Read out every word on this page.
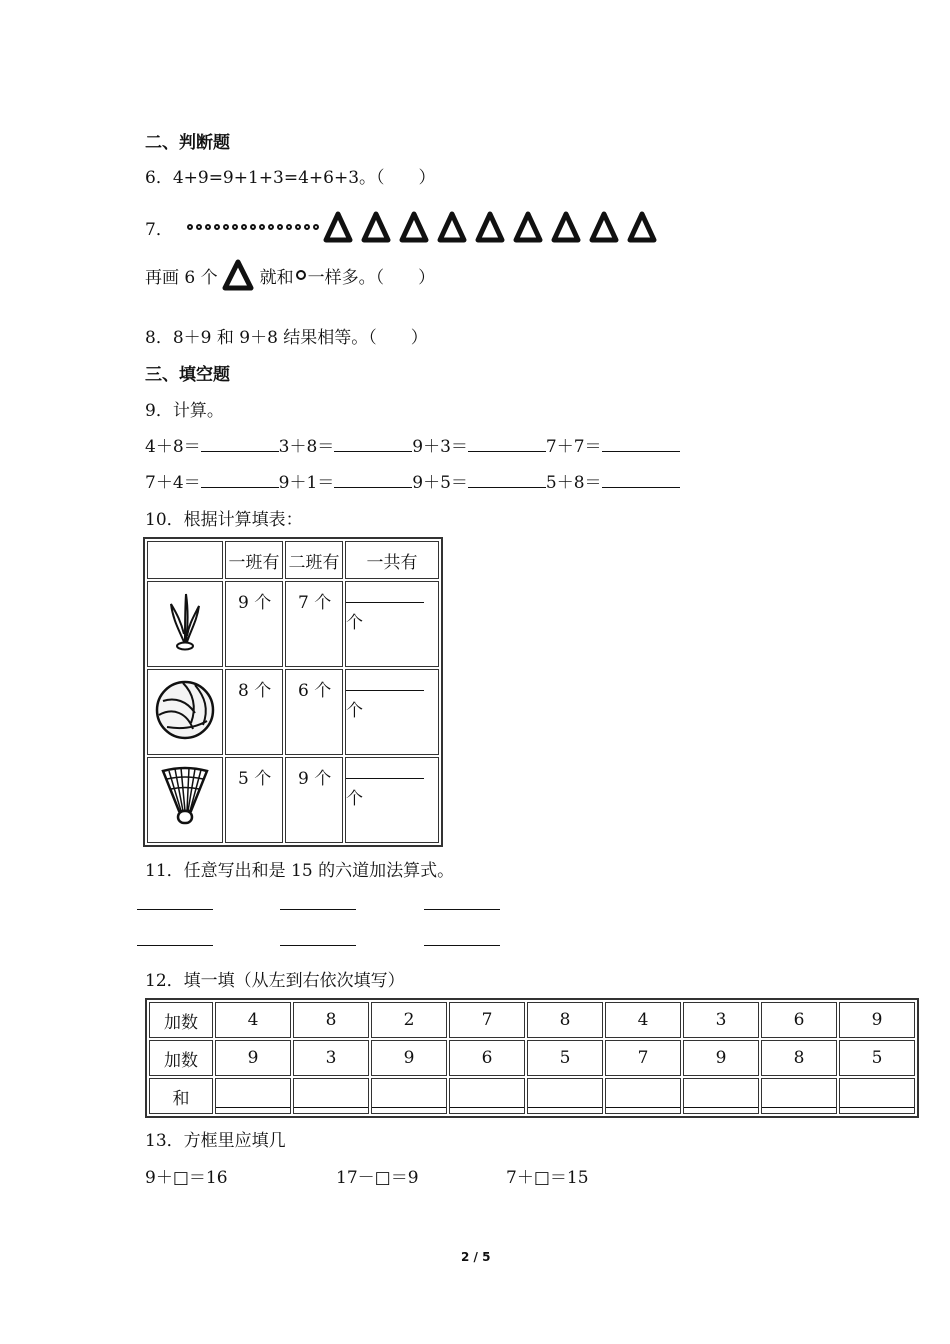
二、判断题
6．4+9=9+1+3=4+6+3。（　　）
7．
再画 6 个 就和 一样多。（　　）
8．8＋9 和 9＋8 结果相等。（　　）
三、填空题
9．计算。
4＋8＝	3＋8＝	9＋3＝	7＋7＝
7＋4＝	9＋1＝	9＋5＝	5＋8＝
10．根据计算填表：
	一班有	二班有	一共有
	9 个	7 个	个
	8 个	6 个	个
	5 个	9 个	个
11．任意写出和是 15 的六道加法算式。
12．填一填（从左到右依次填写）
加数	4	8	2	7	8	4	3	6	9
加数	9	3	9	6	5	7	9	8	5
和									
13．方框里应填几
9＋□＝16	17－□＝9	7＋□＝15
2 / 5
